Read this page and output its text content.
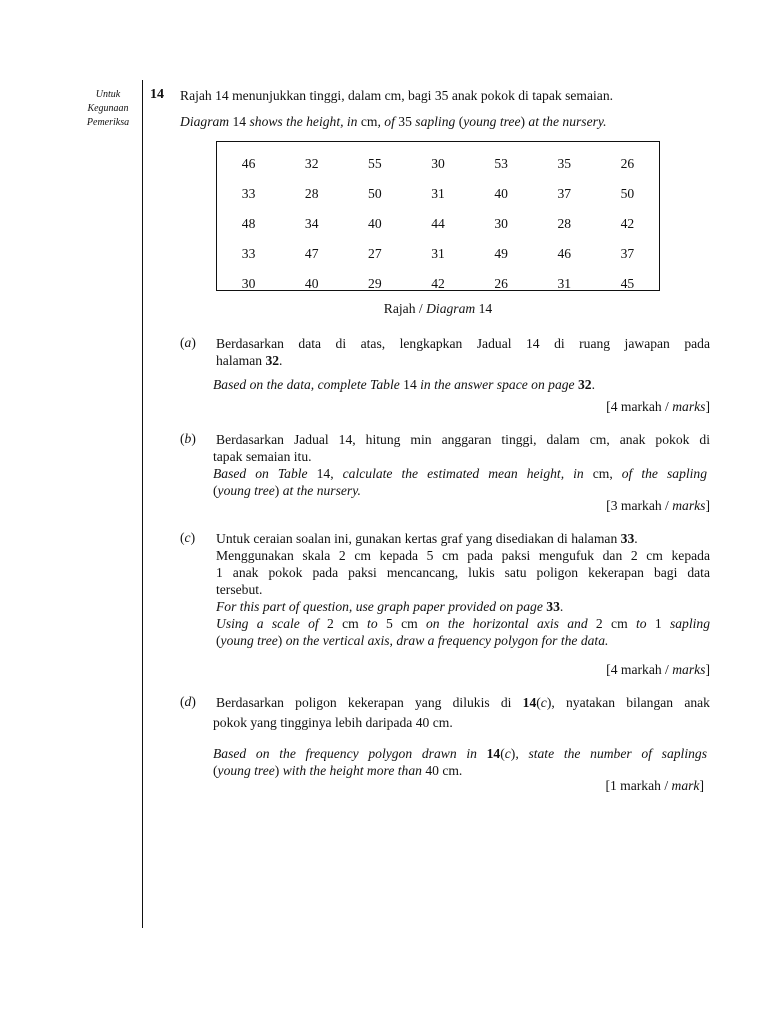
Untuk
Kegunaan
Pemeriksa
14 Rajah 14 menunjukkan tinggi, dalam cm, bagi 35 anak pokok di tapak semaian.
Diagram 14 shows the height, in cm, of 35 sapling (young tree) at the nursery.
46	32	55	30	53	35	26
33	28	50	31	40	37	50
48	34	40	44	30	28	42
33	47	27	31	49	46	37
30	40	29	42	26	31	45
Rajah / Diagram 14
(a) Berdasarkan data di atas, lengkapkan Jadual 14 di ruang jawapan pada
halaman 32.
Based on the data, complete Table 14 in the answer space on page 32.
[4 markah / marks]
(b) Berdasarkan Jadual 14, hitung min anggaran tinggi, dalam cm, anak pokok di
tapak semaian itu.
Based on Table 14, calculate the estimated mean height, in cm, of the sapling
(young tree) at the nursery.
[3 markah / marks]
(c) Untuk ceraian soalan ini, gunakan kertas graf yang disediakan di halaman 33.
Menggunakan skala 2 cm kepada 5 cm pada paksi mengufuk dan 2 cm kepada
1 anak pokok pada paksi mencancang, lukis satu poligon kekerapan bagi data
tersebut.
For this part of question, use graph paper provided on page 33.
Using a scale of 2 cm to 5 cm on the horizontal axis and 2 cm to 1 sapling
(young tree) on the vertical axis, draw a frequency polygon for the data.
[4 markah / marks]
(d) Berdasarkan poligon kekerapan yang dilukis di 14(c), nyatakan bilangan anak
pokok yang tingginya lebih daripada 40 cm.
Based on the frequency polygon drawn in 14(c), state the number of saplings
(young tree) with the height more than 40 cm.
[1 markah / mark]
